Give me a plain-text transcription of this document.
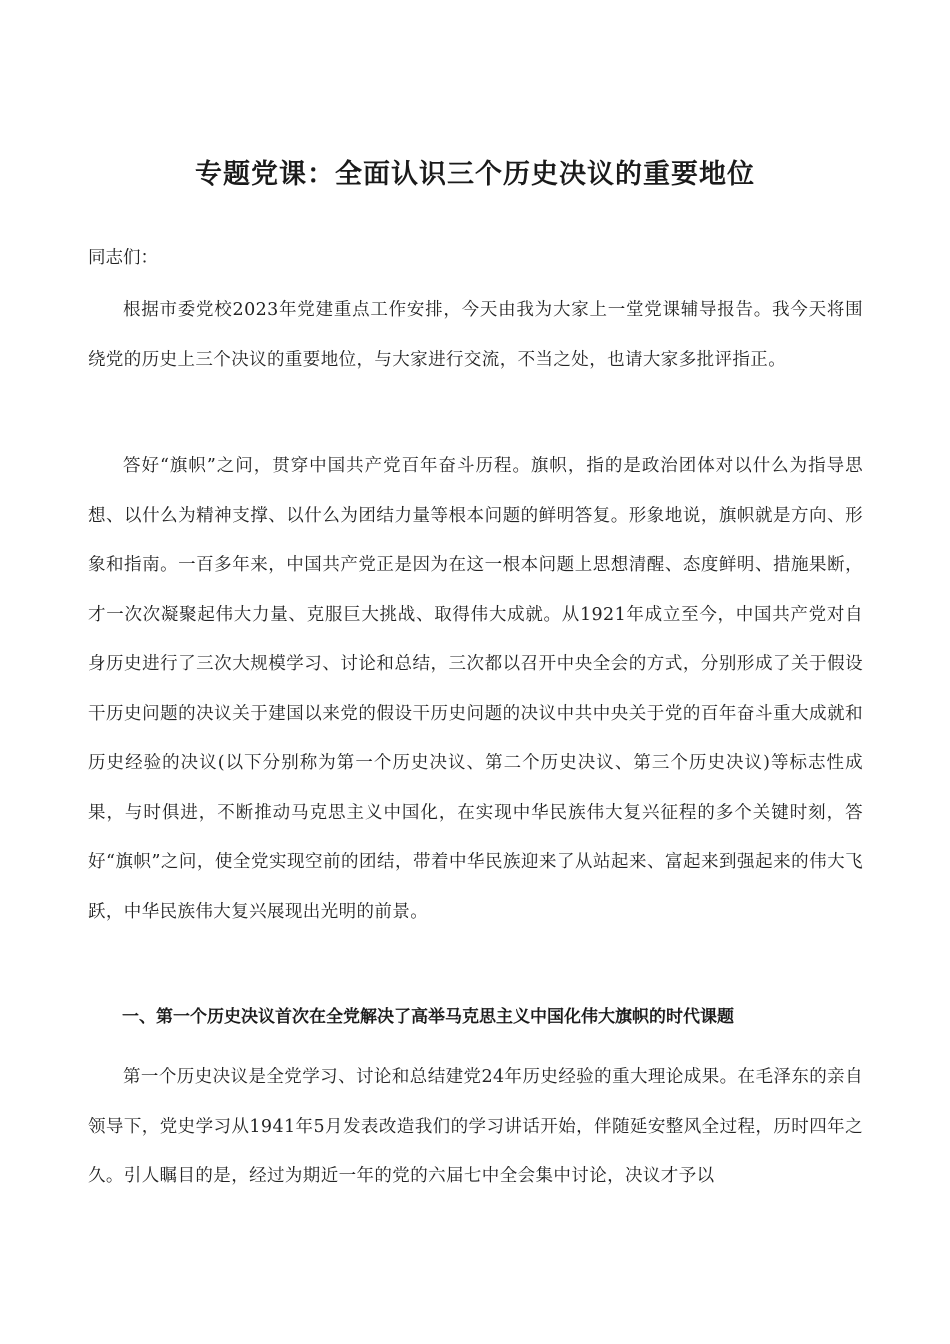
专题党课：全面认识三个历史决议的重要地位

同志们：

根据市委党校2023年党建重点工作安排，今天由我为大家上一堂党课辅导报告。我今天将围绕党的历史上三个决议的重要地位，与大家进行交流，不当之处，也请大家多批评指正。

答好“旗帜”之问，贯穿中国共产党百年奋斗历程。旗帜，指的是政治团体对以什么为指导思想、以什么为精神支撑、以什么为团结力量等根本问题的鲜明答复。形象地说，旗帜就是方向、形象和指南。一百多年来，中国共产党正是因为在这一根本问题上思想清醒、态度鲜明、措施果断，才一次次凝聚起伟大力量、克服巨大挑战、取得伟大成就。从1921年成立至今，中国共产党对自身历史进行了三次大规模学习、讨论和总结，三次都以召开中央全会的方式，分别形成了关于假设干历史问题的决议关于建国以来党的假设干历史问题的决议中共中央关于党的百年奋斗重大成就和历史经验的决议(以下分别称为第一个历史决议、第二个历史决议、第三个历史决议)等标志性成果，与时俱进，不断推动马克思主义中国化，在实现中华民族伟大复兴征程的多个关键时刻，答好“旗帜”之问，使全党实现空前的团结，带着中华民族迎来了从站起来、富起来到强起来的伟大飞跃，中华民族伟大复兴展现出光明的前景。

一、第一个历史决议首次在全党解决了高举马克思主义中国化伟大旗帜的时代课题

第一个历史决议是全党学习、讨论和总结建党24年历史经验的重大理论成果。在毛泽东的亲自领导下，党史学习从1941年5月发表改造我们的学习讲话开始，伴随延安整风全过程，历时四年之久。引人瞩目的是，经过为期近一年的党的六届七中全会集中讨论，决议才予以
